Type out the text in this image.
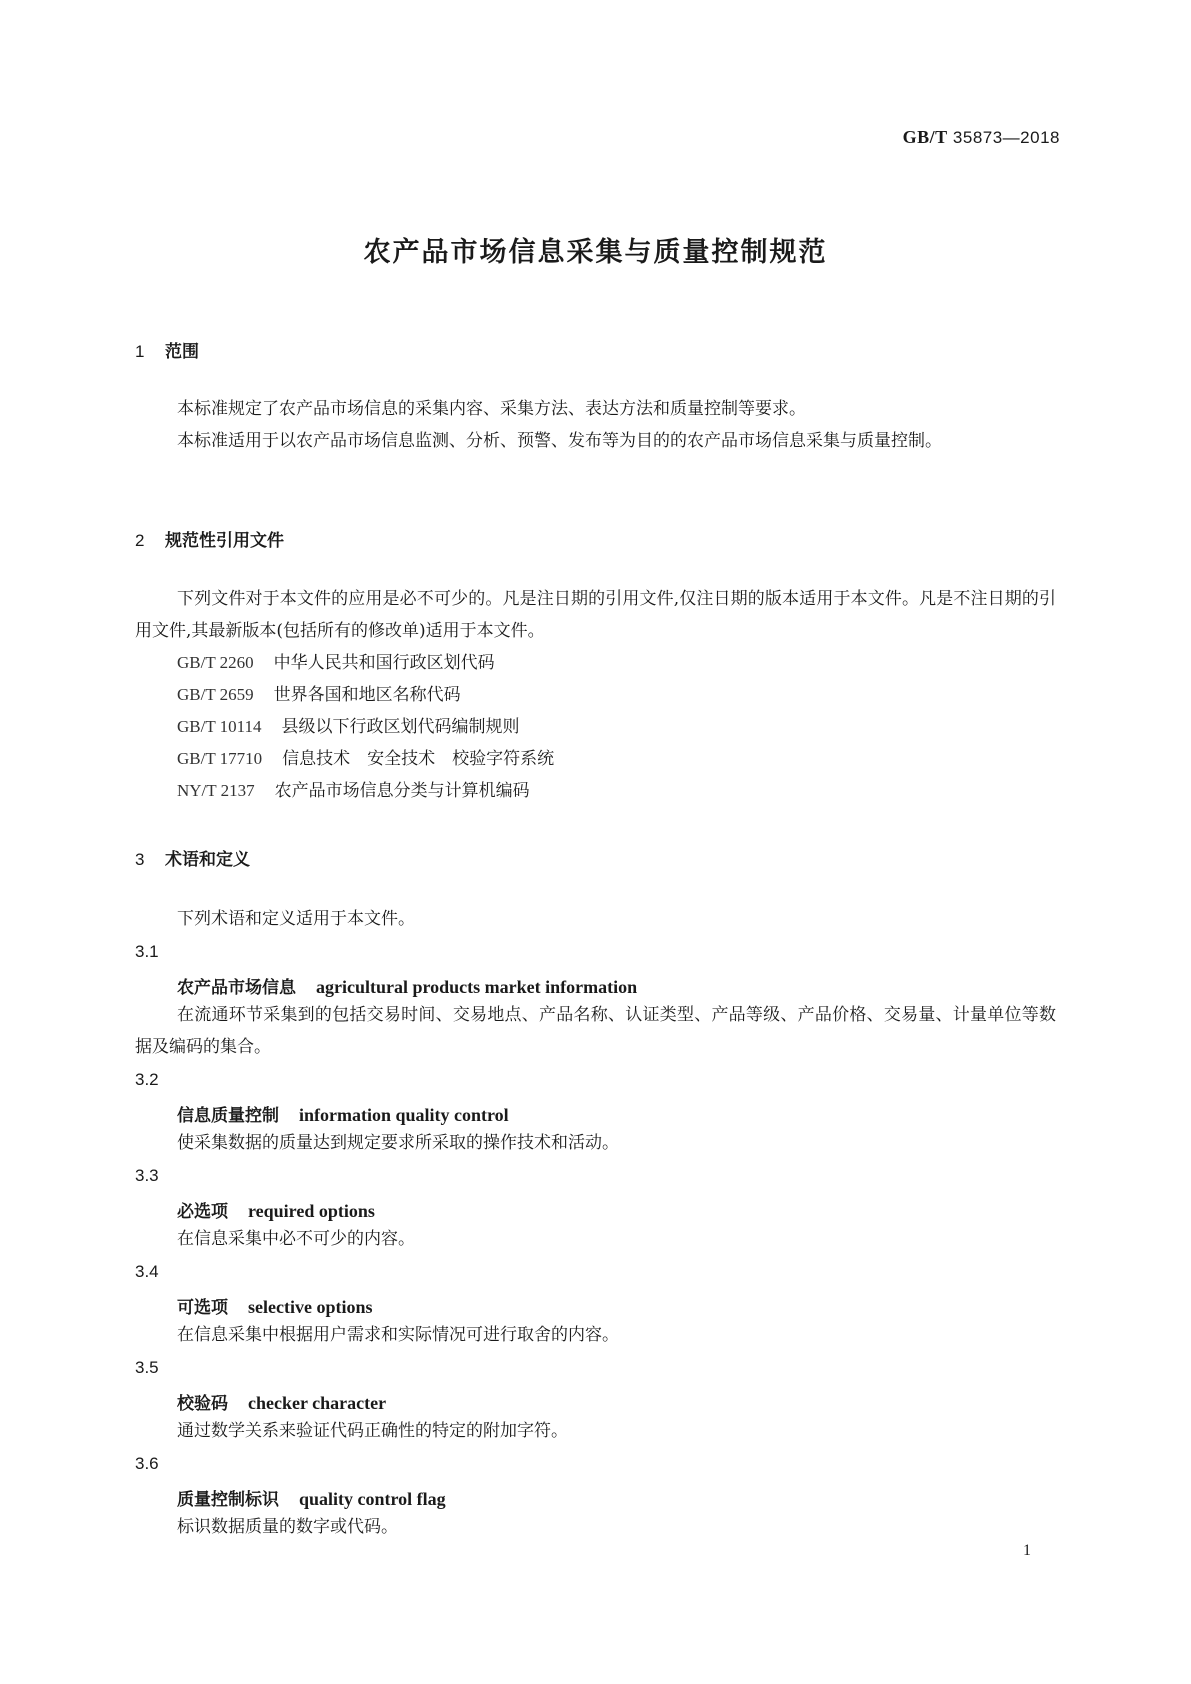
GB/T 35873—2018
农产品市场信息采集与质量控制规范
1 范围
本标准规定了农产品市场信息的采集内容、采集方法、表达方法和质量控制等要求。
本标准适用于以农产品市场信息监测、分析、预警、发布等为目的的农产品市场信息采集与质量控制。
2 规范性引用文件
下列文件对于本文件的应用是必不可少的。凡是注日期的引用文件,仅注日期的版本适用于本文件。凡是不注日期的引用文件,其最新版本(包括所有的修改单)适用于本文件。
GB/T 2260 中华人民共和国行政区划代码
GB/T 2659 世界各国和地区名称代码
GB/T 10114 县级以下行政区划代码编制规则
GB/T 17710 信息技术　安全技术　校验字符系统
NY/T 2137 农产品市场信息分类与计算机编码
3 术语和定义
下列术语和定义适用于本文件。
3.1
农产品市场信息 agricultural products market information
在流通环节采集到的包括交易时间、交易地点、产品名称、认证类型、产品等级、产品价格、交易量、计量单位等数据及编码的集合。
3.2
信息质量控制 information quality control
使采集数据的质量达到规定要求所采取的操作技术和活动。
3.3
必选项 required options
在信息采集中必不可少的内容。
3.4
可选项 selective options
在信息采集中根据用户需求和实际情况可进行取舍的内容。
3.5
校验码 checker character
通过数学关系来验证代码正确性的特定的附加字符。
3.6
质量控制标识 quality control flag
标识数据质量的数字或代码。
1
